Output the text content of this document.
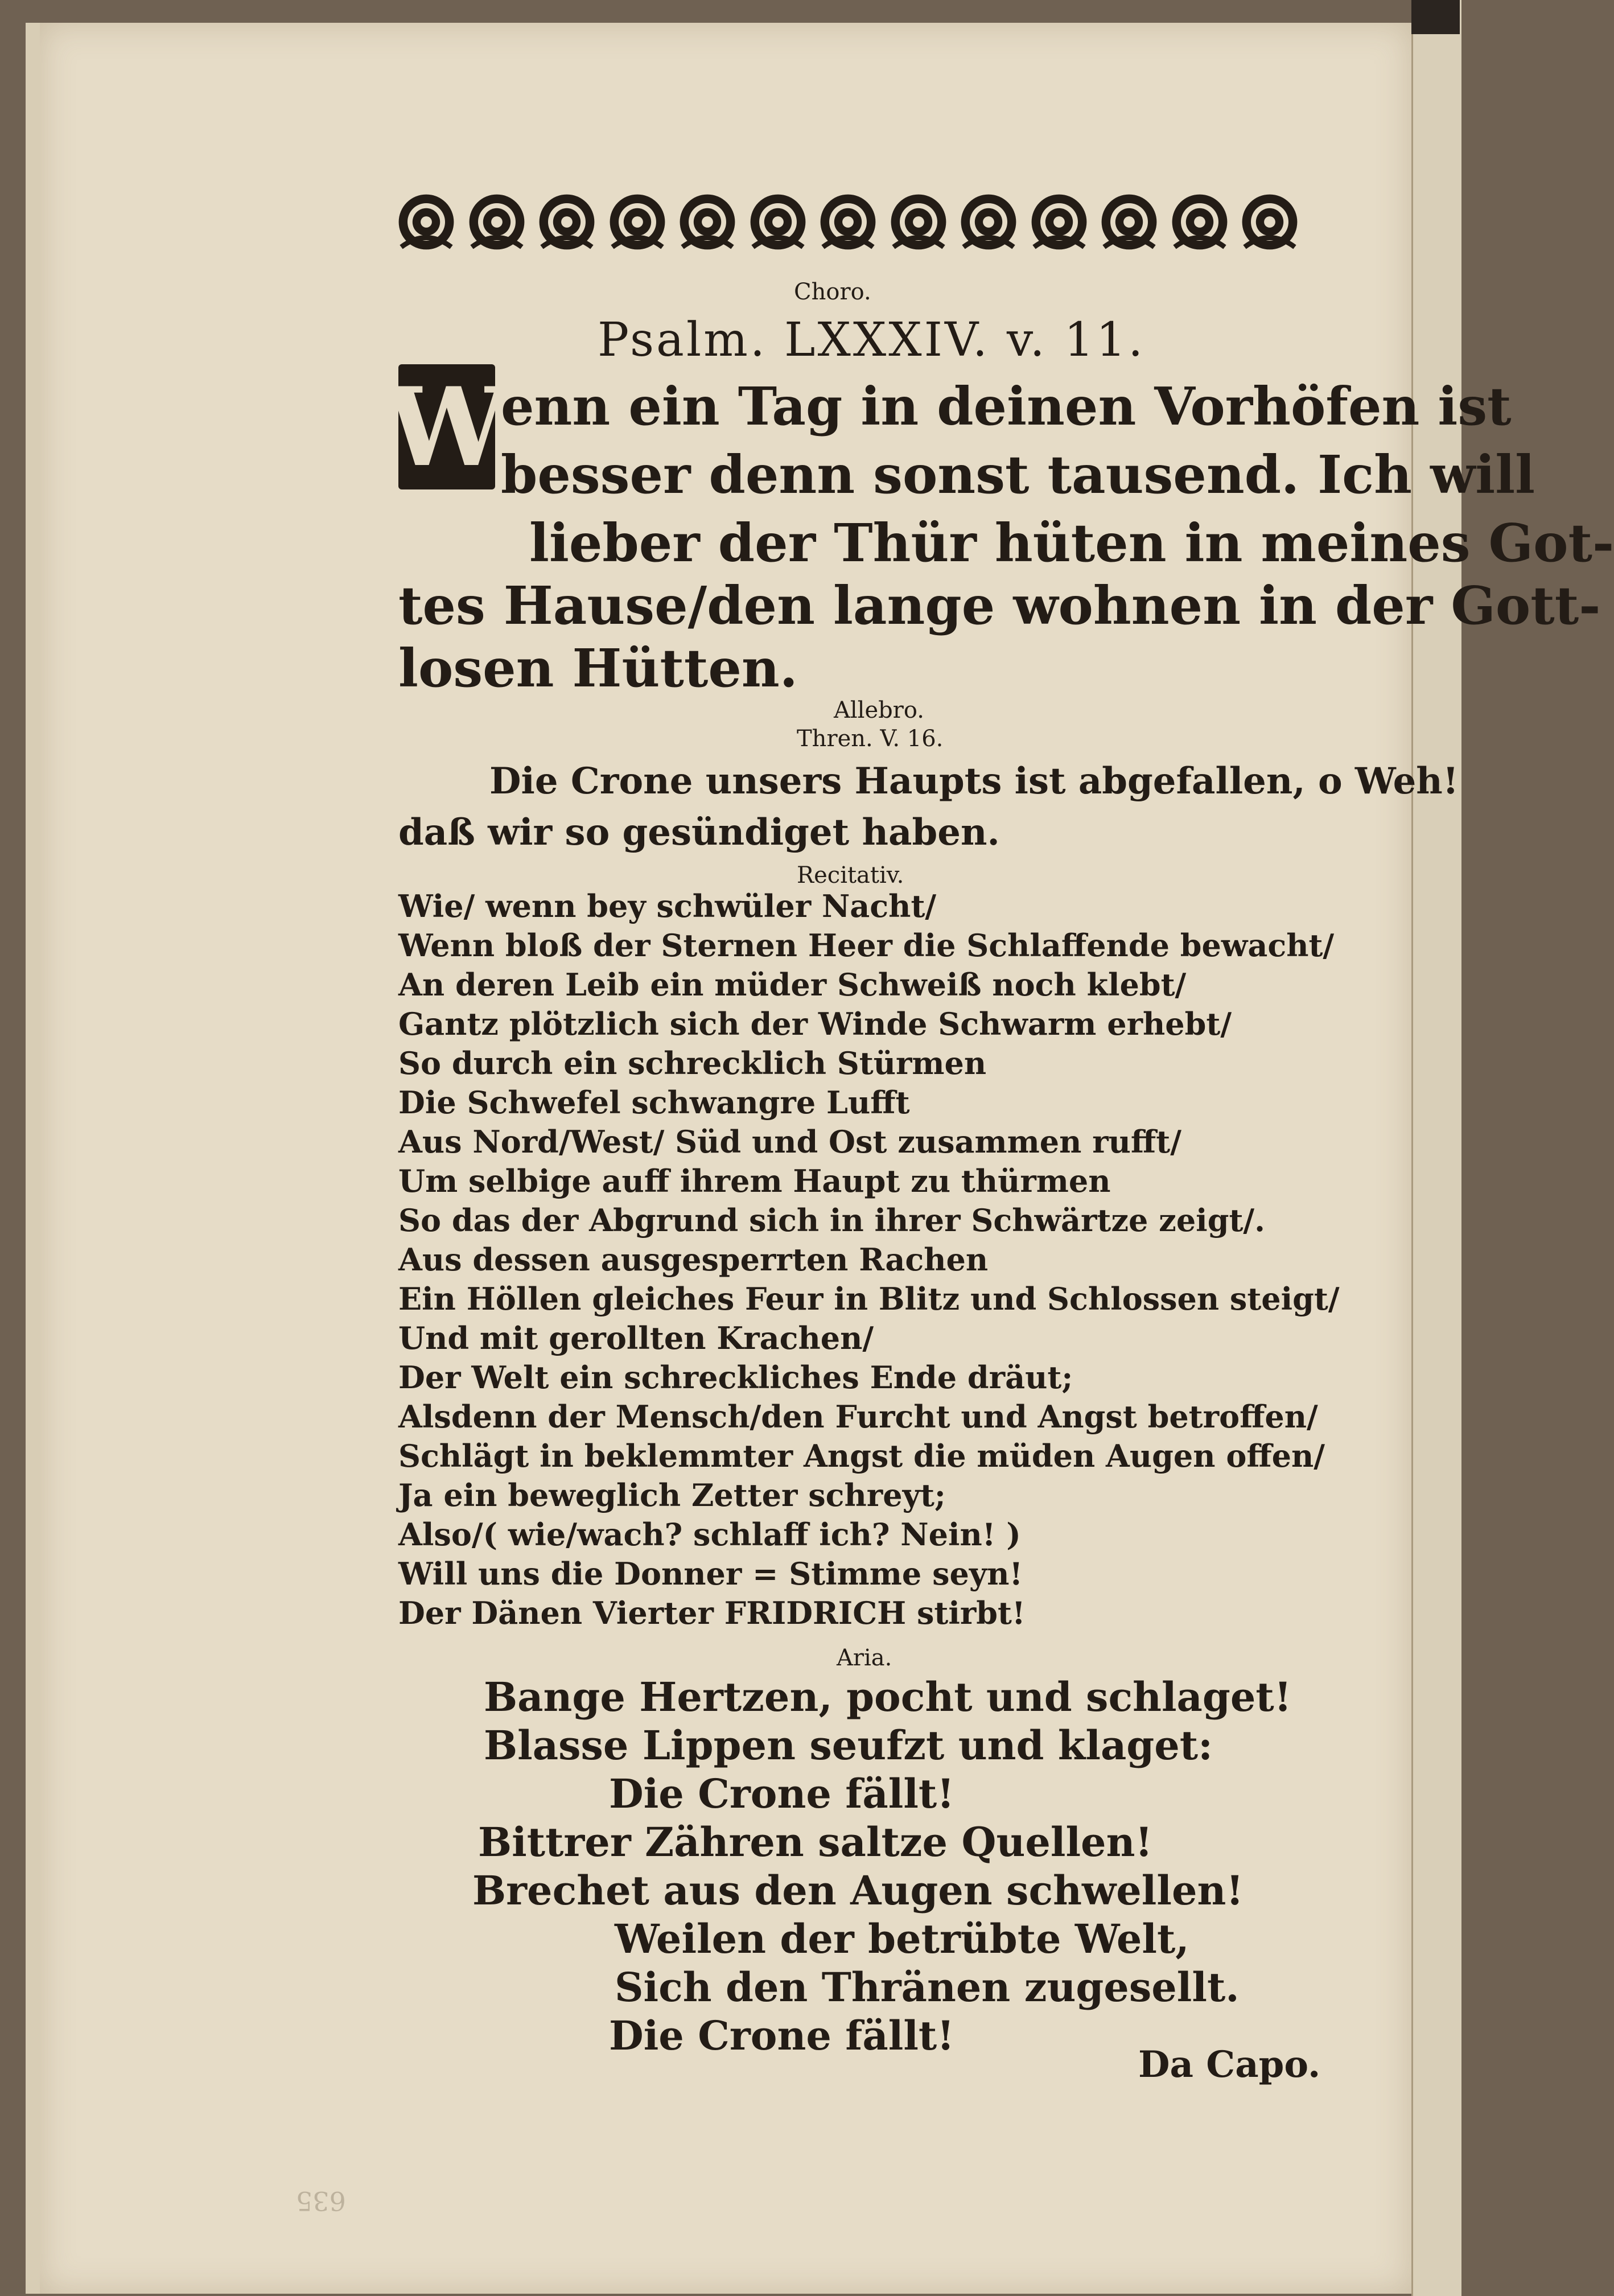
Choro.
Psalm. LXXXIV. v. 11.
W
enn ein Tag in deinen Vorhöfen ist
besser denn sonst tausend. Ich will
lieber der Thür hüten in meines Got-
tes Hause/den lange wohnen in der Gott-
losen Hütten.
Allebro.
Thren. V. 16.
Die Crone unsers Haupts ist abgefallen, o Weh!
daß wir so gesündiget haben.
Recitativ.
Wie/ wenn bey schwüler Nacht/
Wenn bloß der Sternen Heer die Schlaffende bewacht/
An deren Leib ein müder Schweiß noch klebt/
Gantz plötzlich sich der Winde Schwarm erhebt/
So durch ein schrecklich Stürmen
Die Schwefel schwangre Lufft
Aus Nord/West/ Süd und Ost zusammen rufft/
Um selbige auff ihrem Haupt zu thürmen
So das der Abgrund sich in ihrer Schwärtze zeigt/.
Aus dessen ausgesperrten Rachen
Ein Höllen gleiches Feur in Blitz und Schlossen steigt/
Und mit gerollten Krachen/
Der Welt ein schreckliches Ende dräut;
Alsdenn der Mensch/den Furcht und Angst betroffen/
Schlägt in beklemmter Angst die müden Augen offen/
Ja ein beweglich Zetter schreyt;
Also/( wie/wach? schlaff ich? Nein! )
Will uns die Donner = Stimme seyn!
Der Dänen Vierter FRIDRICH stirbt!
Aria.
Bange Hertzen, pocht und schlaget!
Blasse Lippen seufzt und klaget:
Die Crone fällt!
Bittrer Zähren saltze Quellen!
Brechet aus den Augen schwellen!
Weilen der betrübte Welt,
Sich den Thränen zugesellt.
Die Crone fällt!
Da Capo.
635
